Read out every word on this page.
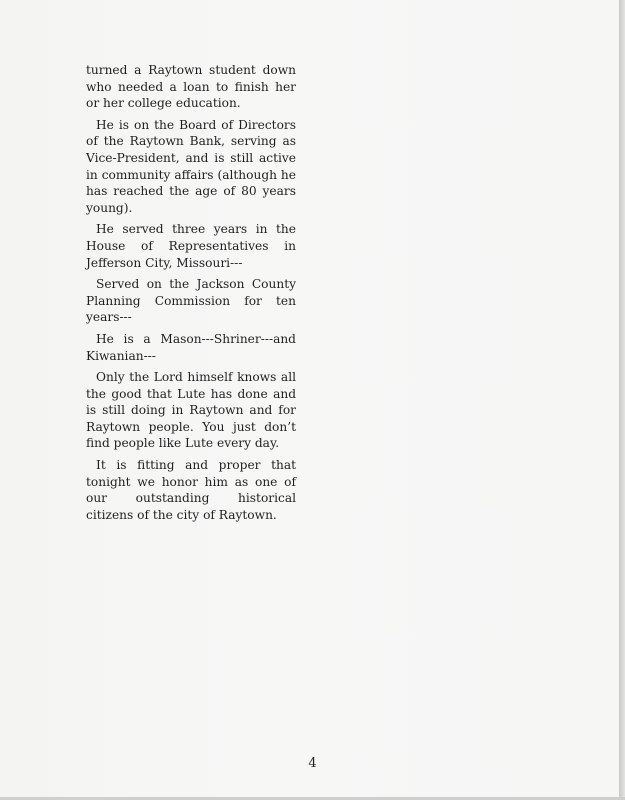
turned a Raytown student down who needed a loan to finish her or her college education.

He is on the Board of Directors of the Raytown Bank, serving as Vice-President, and is still active in community affairs (although he has reached the age of 80 years young).

He served three years in the House of Representatives in Jefferson City, Missouri---

Served on the Jackson County Planning Commission for ten years---

He is a Mason---Shriner---and Kiwanian---

Only the Lord himself knows all the good that Lute has done and is still doing in Raytown and for Raytown people. You just don’t find people like Lute every day.

It is fitting and proper that tonight we honor him as one of our outstanding historical citizens of the city of Raytown.

4
